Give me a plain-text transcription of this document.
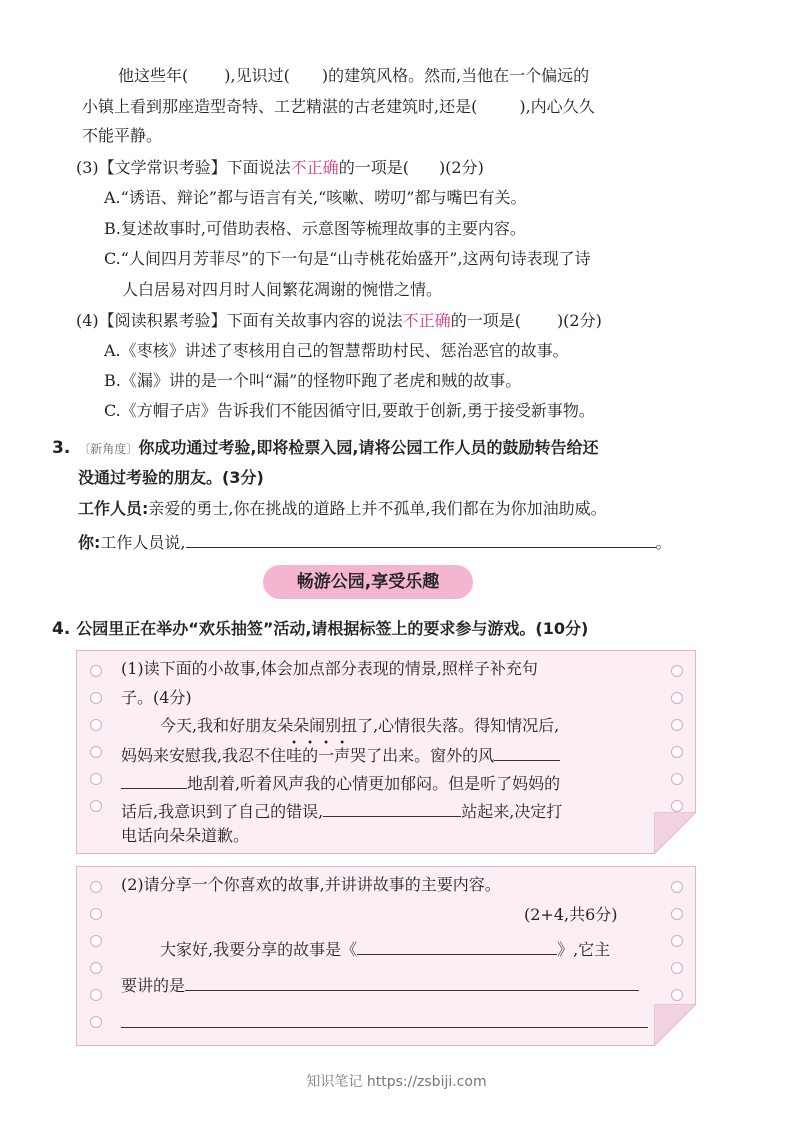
他这些年( ),见识过( )的建筑风格。然而,当他在一个偏远的
小镇上看到那座造型奇特、工艺精湛的古老建筑时,还是(	),内心久久
不能平静。
(3)【文学常识考验】下面说法不正确的一项是( )(2分)
A.“诱语、辩论”都与语言有关,“咳嗽、唠叨”都与嘴巴有关。
B.复述故事时,可借助表格、示意图等梳理故事的主要内容。
C.“人间四月芳菲尽”的下一句是“山寺桃花始盛开”,这两句诗表现了诗
人白居易对四月时人间繁花凋谢的惋惜之情。
(4)【阅读积累考验】下面有关故事内容的说法不正确的一项是( )(2分)
A.《枣核》讲述了枣核用自己的智慧帮助村民、惩治恶官的故事。
B.《漏》讲的是一个叫“漏”的怪物吓跑了老虎和贼的故事。
C.《方帽子店》告诉我们不能因循守旧,要敢于创新,勇于接受新事物。
3. 〔新角度〕你成功通过考验,即将检票入园,请将公园工作人员的鼓励转告给还
没通过考验的朋友。(3分)
工作人员:亲爱的勇士,你在挑战的道路上并不孤单,我们都在为你加油助威。
你:工作人员说,	。
畅游公园,享受乐趣
4. 公园里正在举办“欢乐抽签”活动,请根据标签上的要求参与游戏。(10分)
(1)读下面的小故事,体会加点部分表现的情景,照样子补充句
子。(4分)
今天,我和好朋友朵朵闹别扭了,心情很失落。得知情况后,
妈妈来安慰我,我忍不住哇的一声哭了出来。窗外的风
地刮着,听着风声我的心情更加郁闷。但是听了妈妈的
话后,我意识到了自己的错误,	站起来,决定打
电话向朵朵道歉。
(2)请分享一个你喜欢的故事,并讲讲故事的主要内容。
(2+4,共6分)
大家好,我要分享的故事是《	》,它主
要讲的是
知识笔记 https://zsbiji.com
